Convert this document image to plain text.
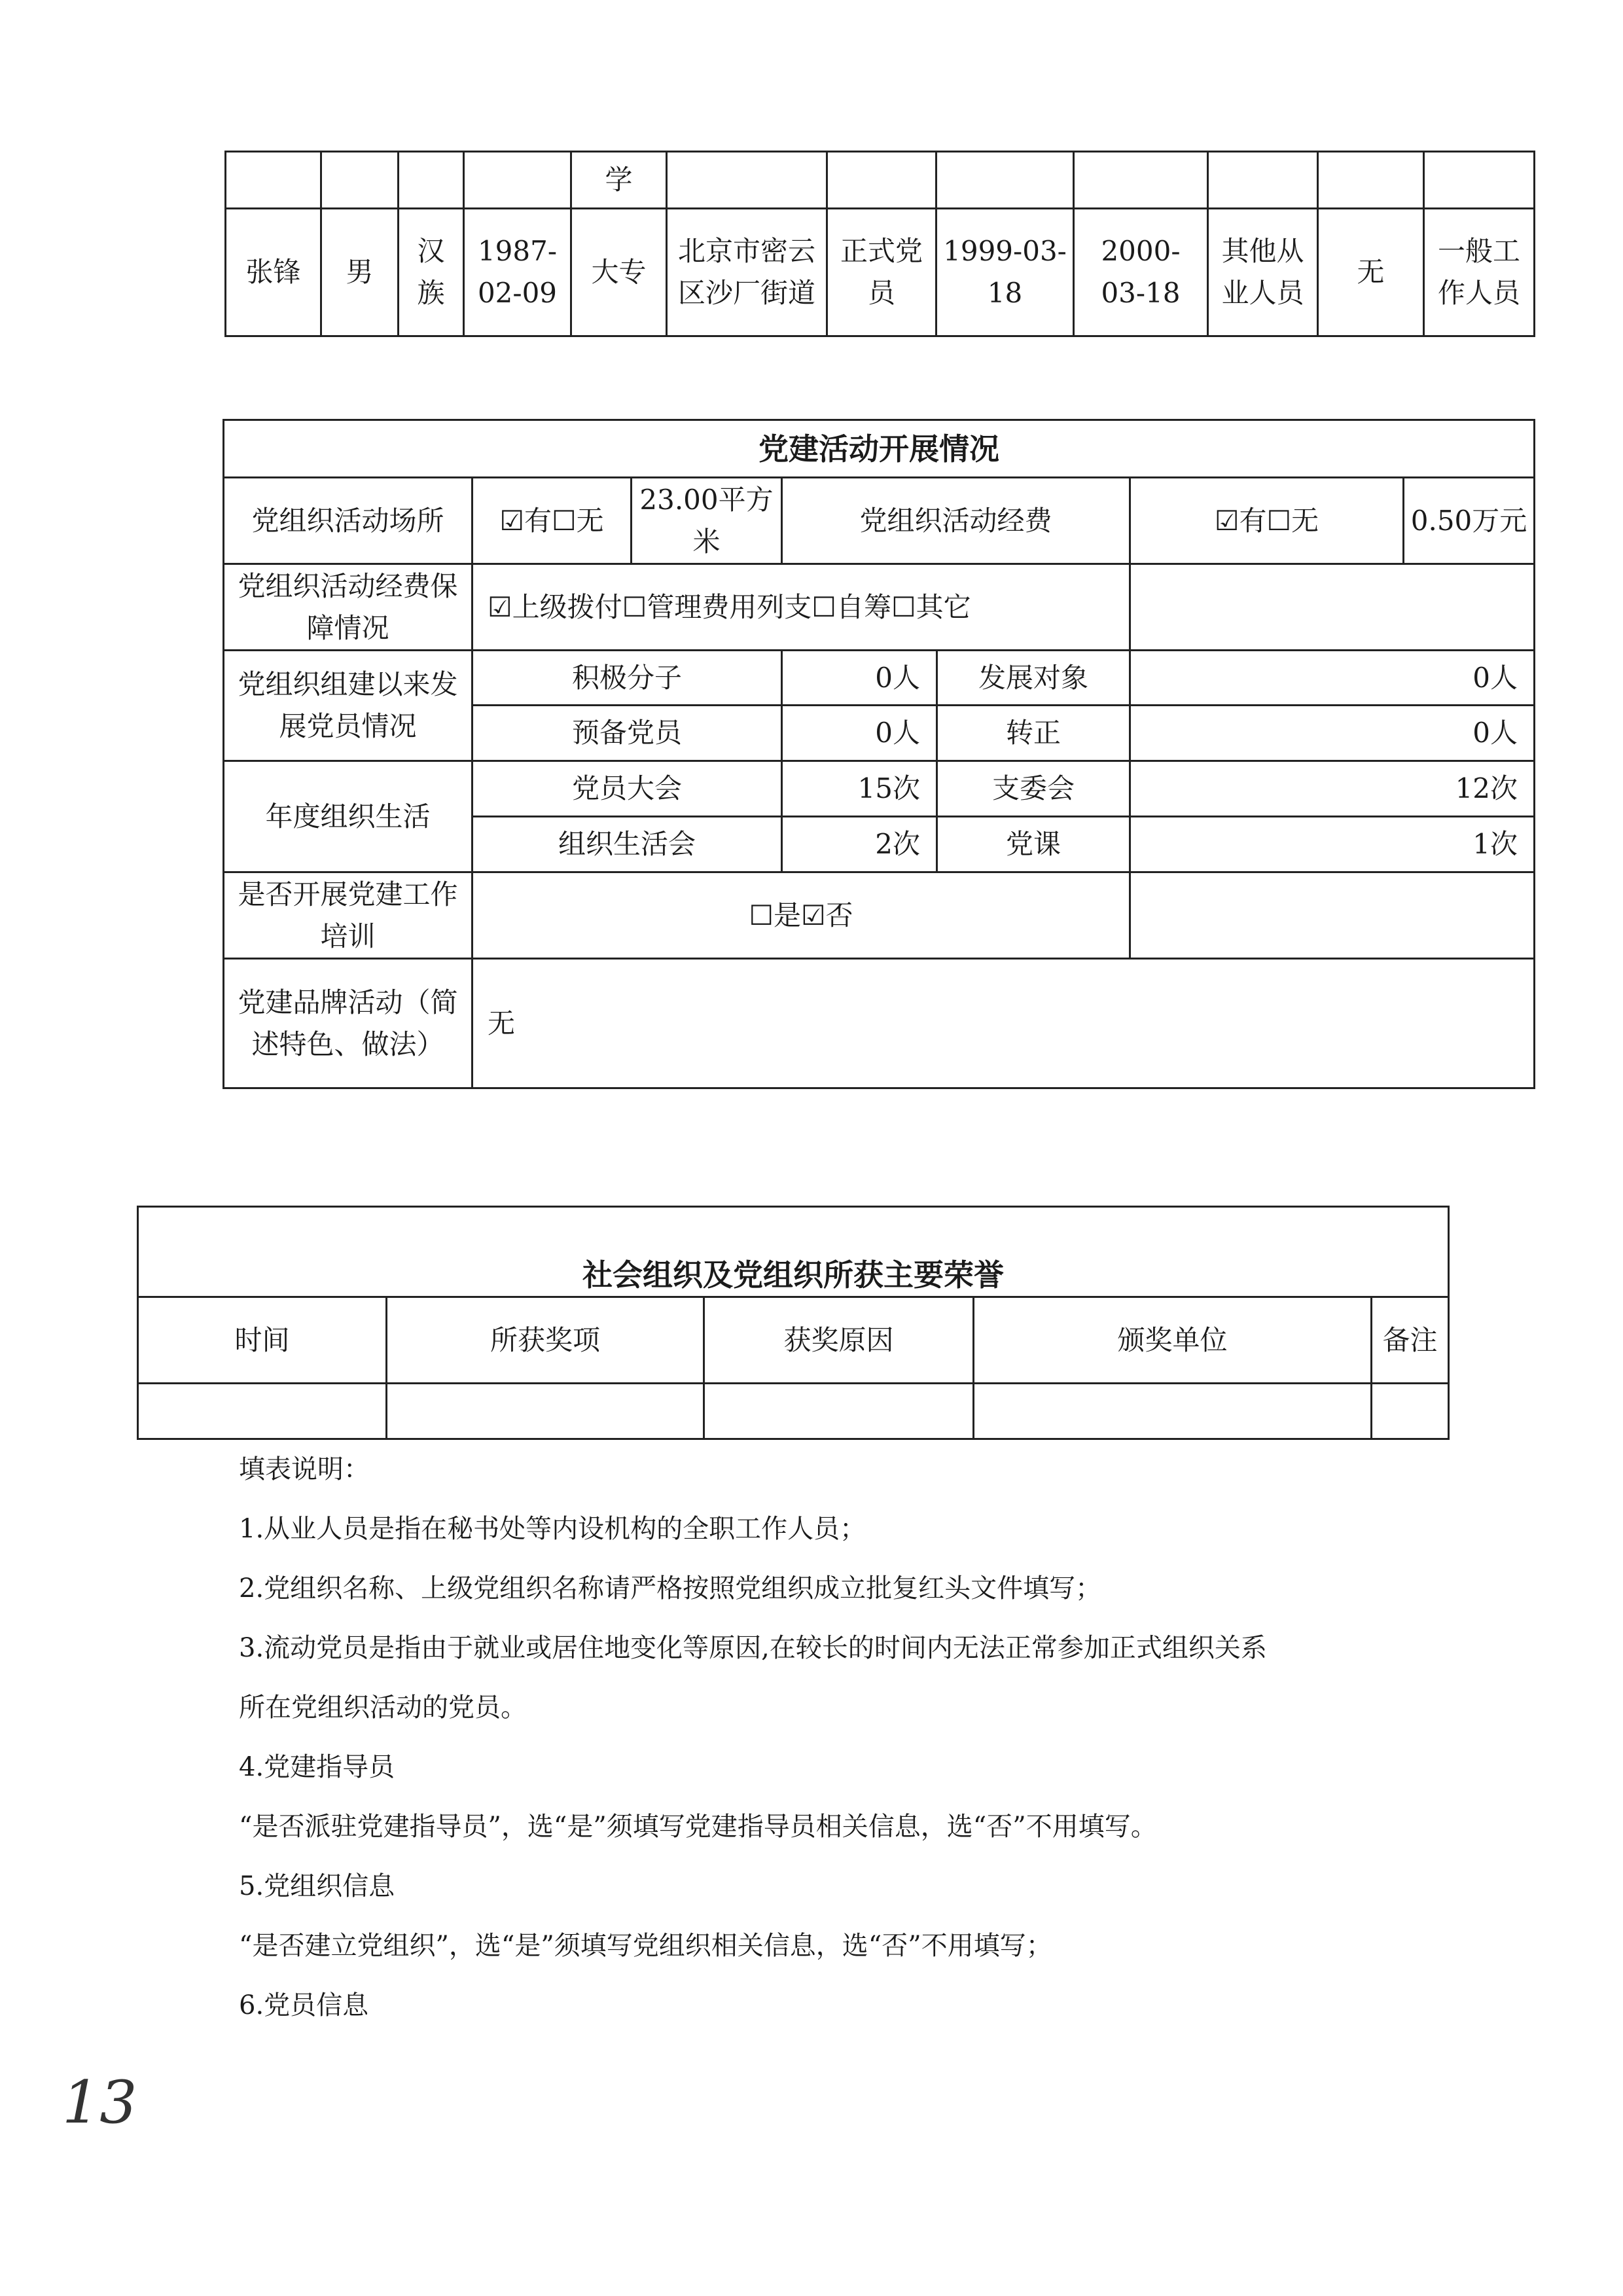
				学							
张锋	男	汉族	1987-02-09	大专	北京市密云区沙厂街道	正式党员	1999-03-18	2000-03-18	其他从业人员	无	一般工作人员
党建活动开展情况						
党组织活动场所	☑有☐无	23.00平方米	党组织活动经费		☑有☐无	0.50万元
党组织活动经费保障情况	☑上级拨付☐管理费用列支☐自筹☐其它					
党组织组建以来发展党员情况	积极分子		0人	发展对象	0人	
	预备党员		0人	转正	0人	
年度组织生活	党员大会		15次	支委会	12次	
	组织生活会		2次	党课	1次	
是否开展党建工作培训	☐是☑否					
党建品牌活动（简述特色、做法）	无					
社会组织及党组织所获主要荣誉				
时间	所获奖项	获奖原因	颁奖单位	备注

填表说明：
1.从业人员是指在秘书处等内设机构的全职工作人员；
2.党组织名称、上级党组织名称请严格按照党组织成立批复红头文件填写；
3.流动党员是指由于就业或居住地变化等原因,在较长的时间内无法正常参加正式组织关系
所在党组织活动的党员。
4.党建指导员
“是否派驻党建指导员”，选“是”须填写党建指导员相关信息，选“否”不用填写。
5.党组织信息
“是否建立党组织”，选“是”须填写党组织相关信息，选“否”不用填写；
6.党员信息
13
